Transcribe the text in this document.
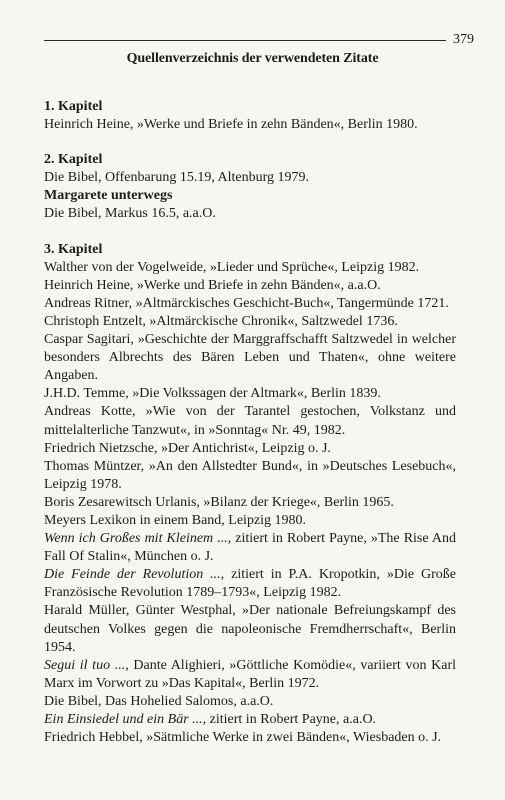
379
Quellenverzeichnis der verwendeten Zitate
1. Kapitel
Heinrich Heine, »Werke und Briefe in zehn Bänden«, Berlin 1980.
2. Kapitel
Die Bibel, Offenbarung 15.19, Altenburg 1979.
Margarete unterwegs
Die Bibel, Markus 16.5, a.a.O.
3. Kapitel
Walther von der Vogelweide, »Lieder und Sprüche«, Leipzig 1982.
Heinrich Heine, »Werke und Briefe in zehn Bänden«, a.a.O.
Andreas Ritner, »Altmärckisches Geschicht-Buch«, Tangermünde 1721.
Christoph Entzelt, »Altmärckische Chronik«, Saltzwedel 1736.
Caspar Sagitari, »Geschichte der Marggraffschafft Saltzwedel in welcher besonders Albrechts des Bären Leben und Thaten«, ohne weitere Angaben.
J.H.D. Temme, »Die Volkssagen der Altmark«, Berlin 1839.
Andreas Kotte, »Wie von der Tarantel gestochen, Volkstanz und mittelalterliche Tanzwut«, in »Sonntag« Nr. 49, 1982.
Friedrich Nietzsche, »Der Antichrist«, Leipzig o. J.
Thomas Müntzer, »An den Allstedter Bund«, in »Deutsches Lesebuch«, Leipzig 1978.
Boris Zesarewitsch Urlanis, »Bilanz der Kriege«, Berlin 1965.
Meyers Lexikon in einem Band, Leipzig 1980.
Wenn ich Großes mit Kleinem ..., zitiert in Robert Payne, »The Rise And Fall Of Stalin«, München o. J.
Die Feinde der Revolution ..., zitiert in P.A. Kropotkin, »Die Große Französische Revolution 1789–1793«, Leipzig 1982.
Harald Müller, Günter Westphal, »Der nationale Befreiungskampf des deutschen Volkes gegen die napoleonische Fremdherrschaft«, Berlin 1954.
Segui il tuo ..., Dante Alighieri, »Göttliche Komödie«, variiert von Karl Marx im Vorwort zu »Das Kapital«, Berlin 1972.
Die Bibel, Das Hohelied Salomos, a.a.O.
Ein Einsiedel und ein Bär ..., zitiert in Robert Payne, a.a.O.
Friedrich Hebbel, »Sätmliche Werke in zwei Bänden«, Wiesbaden o. J.
